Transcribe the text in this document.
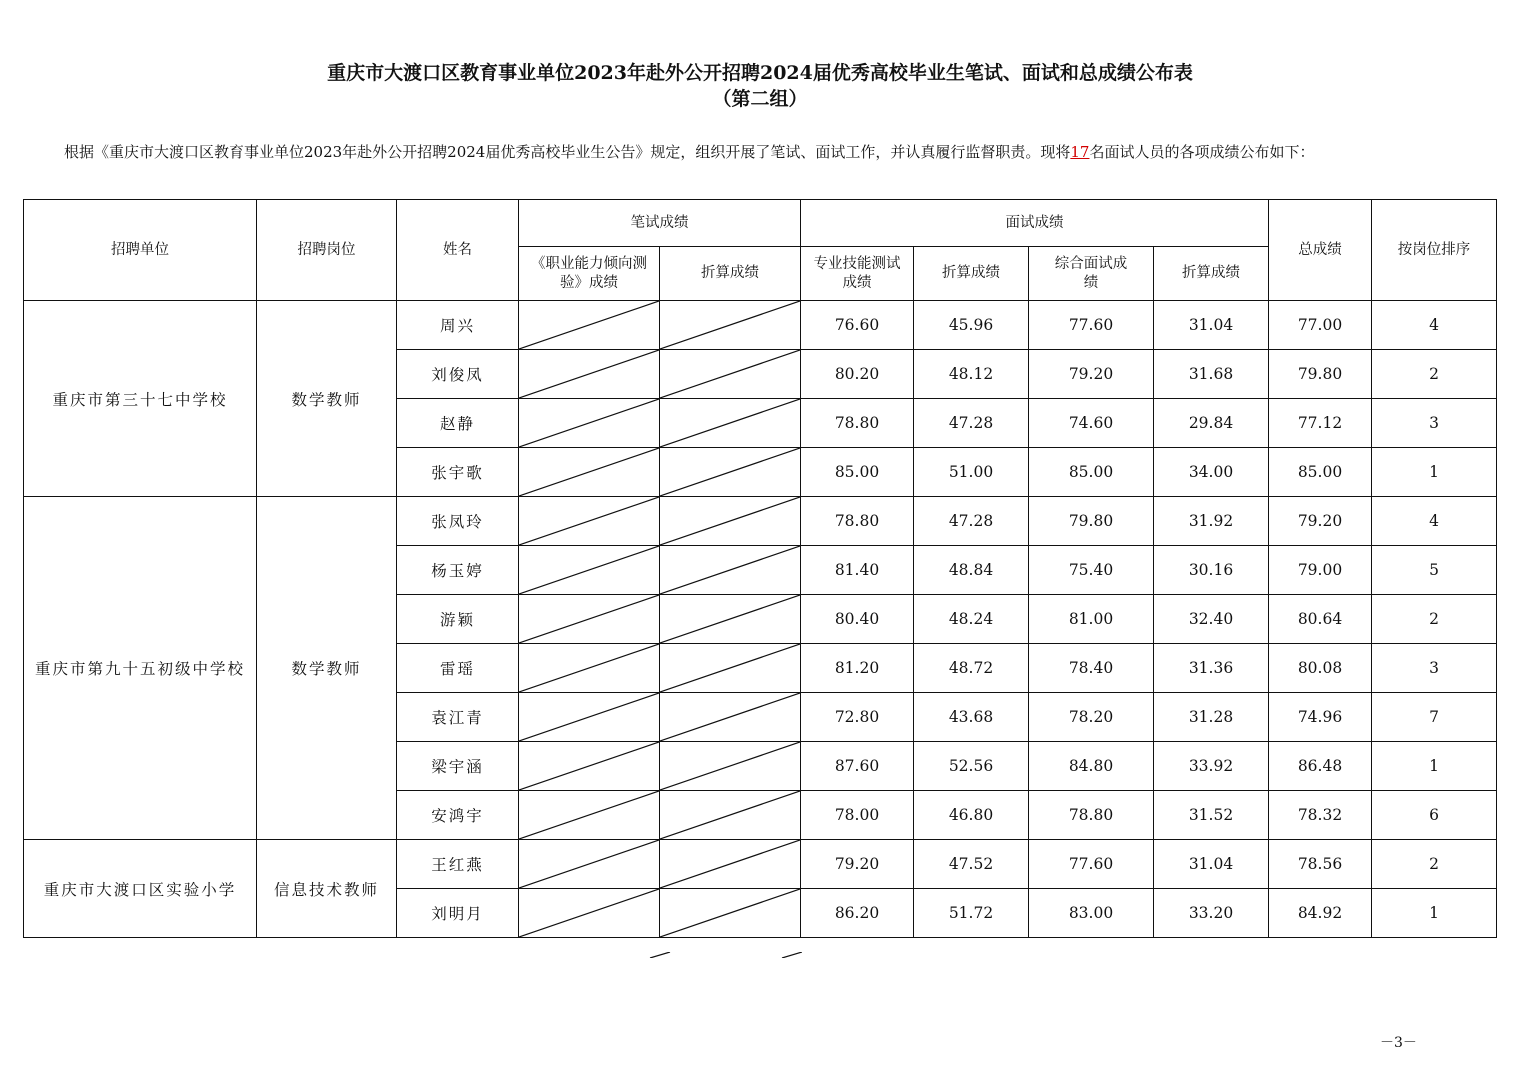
重庆市大渡口区教育事业单位2023年赴外公开招聘2024届优秀高校毕业生笔试、面试和总成绩公布表
（第二组）
根据《重庆市大渡口区教育事业单位2023年赴外公开招聘2024届优秀高校毕业生公告》规定，组织开展了笔试、面试工作，并认真履行监督职责。现将17名面试人员的各项成绩公布如下：
招聘单位	招聘岗位	姓名	笔试成绩		面试成绩				总成绩	按岗位排序
			《职业能力倾向测验》成绩	折算成绩	专业技能测试成绩	折算成绩	综合面试成绩	折算成绩		
重庆市第三十七中学校	数学教师	周兴			76.60	45.96	77.60	31.04	77.00	4
		刘俊凤			80.20	48.12	79.20	31.68	79.80	2
		赵静			78.80	47.28	74.60	29.84	77.12	3
		张宇歌			85.00	51.00	85.00	34.00	85.00	1
重庆市第九十五初级中学校	数学教师	张凤玲			78.80	47.28	79.80	31.92	79.20	4
		杨玉婷			81.40	48.84	75.40	30.16	79.00	5
		游颖			80.40	48.24	81.00	32.40	80.64	2
		雷瑶			81.20	48.72	78.40	31.36	80.08	3
		袁江青			72.80	43.68	78.20	31.28	74.96	7
		梁宇涵			87.60	52.56	84.80	33.92	86.48	1
		安鸿宇			78.00	46.80	78.80	31.52	78.32	6
重庆市大渡口区实验小学	信息技术教师	王红燕			79.20	47.52	77.60	31.04	78.56	2
		刘明月			86.20	51.72	83.00	33.20	84.92	1
－3－
